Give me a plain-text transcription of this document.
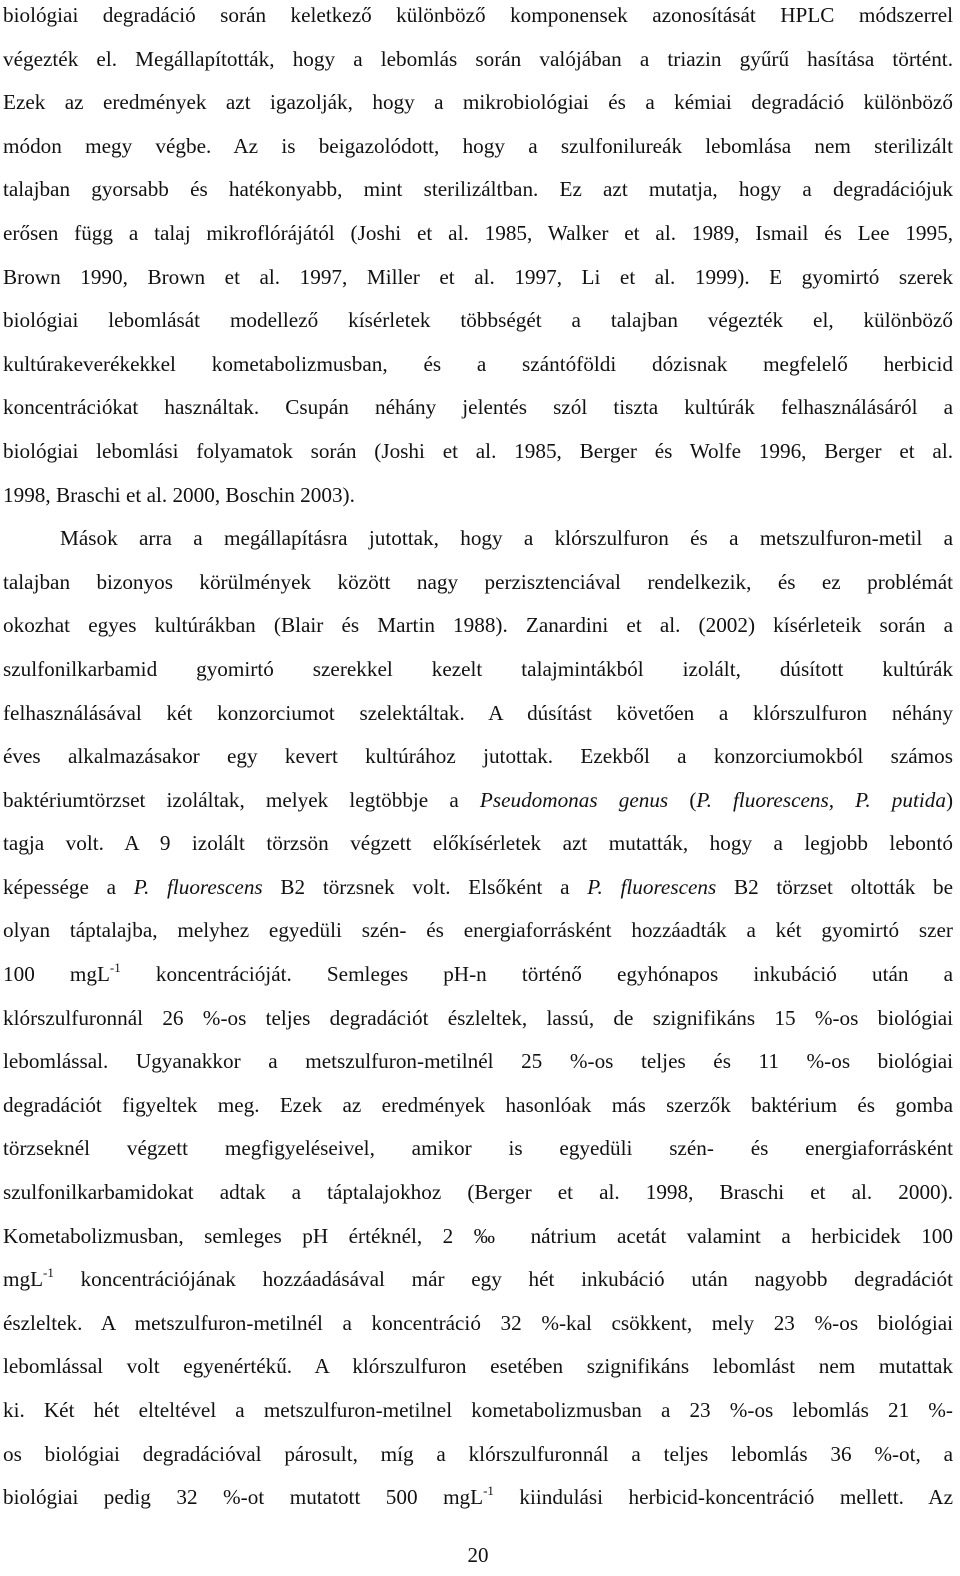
biológiai degradáció során keletkező különböző komponensek azonosítását HPLC módszerrel
végezték el. Megállapították, hogy a lebomlás során valójában a triazin gyűrű hasítása történt.
Ezek az eredmények azt igazolják, hogy a mikrobiológiai és a kémiai degradáció különböző
módon megy végbe. Az is beigazolódott, hogy a szulfonilureák lebomlása nem sterilizált
talajban gyorsabb és hatékonyabb, mint sterilizáltban. Ez azt mutatja, hogy a degradációjuk
erősen függ a talaj mikroflórájától (Joshi et al. 1985, Walker et al. 1989, Ismail és Lee 1995,
Brown 1990, Brown et al. 1997, Miller et al. 1997, Li et al. 1999). E gyomirtó szerek
biológiai lebomlását modellező kísérletek többségét a talajban végezték el, különböző
kultúrakeverékekkel kometabolizmusban, és a szántóföldi dózisnak megfelelő herbicid
koncentrációkat használtak. Csupán néhány jelentés szól tiszta kultúrák felhasználásáról a
biológiai lebomlási folyamatok során (Joshi et al. 1985, Berger és Wolfe 1996, Berger et al.
1998, Braschi et al. 2000, Boschin 2003).
Mások arra a megállapításra jutottak, hogy a klórszulfuron és a metszulfuron-metil a
talajban bizonyos körülmények között nagy perzisztenciával rendelkezik, és ez problémát
okozhat egyes kultúrákban (Blair és Martin 1988). Zanardini et al. (2002) kísérleteik során a
szulfonilkarbamid gyomirtó szerekkel kezelt talajmintákból izolált, dúsított kultúrák
felhasználásával két konzorciumot szelektáltak. A dúsítást követően a klórszulfuron néhány
éves alkalmazásakor egy kevert kultúrához jutottak. Ezekből a konzorciumokból számos
baktériumtörzset izoláltak, melyek legtöbbje a Pseudomonas genus (P. fluorescens, P. putida)
tagja volt. A 9 izolált törzsön végzett előkísérletek azt mutatták, hogy a legjobb lebontó
képessége a P. fluorescens B2 törzsnek volt. Elsőként a P. fluorescens B2 törzset oltották be
olyan táptalajba, melyhez egyedüli szén- és energiaforrásként hozzáadták a két gyomirtó szer
100 mgL$^{-1}$ koncentrációját. Semleges pH-n történő egyhónapos inkubáció után a
klórszulfuronnál 26 %-os teljes degradációt észleltek, lassú, de szignifikáns 15 %-os biológiai
lebomlással. Ugyanakkor a metszulfuron-metilnél 25 %-os teljes és 11 %-os biológiai
degradációt figyeltek meg. Ezek az eredmények hasonlóak más szerzők baktérium és gomba
törzseknél végzett megfigyeléseivel, amikor is egyedüli szén- és energiaforrásként
szulfonilkarbamidokat adtak a táptalajokhoz (Berger et al. 1998, Braschi et al. 2000).
Kometabolizmusban, semleges pH értéknél, 2 ‰ nátrium acetát valamint a herbicidek 100
mgL$^{-1}$ koncentrációjának hozzáadásával már egy hét inkubáció után nagyobb degradációt
észleltek. A metszulfuron-metilnél a koncentráció 32 %-kal csökkent, mely 23 %-os biológiai
lebomlással volt egyenértékű. A klórszulfuron esetében szignifikáns lebomlást nem mutattak
ki. Két hét elteltével a metszulfuron-metilnel kometabolizmusban a 23 %-os lebomlás 21 %-
os biológiai degradációval párosult, míg a klórszulfuronnál a teljes lebomlás 36 %-ot, a
biológiai pedig 32 %-ot mutatott 500 mgL$^{-1}$ kiindulási herbicid-koncentráció mellett. Az
20
